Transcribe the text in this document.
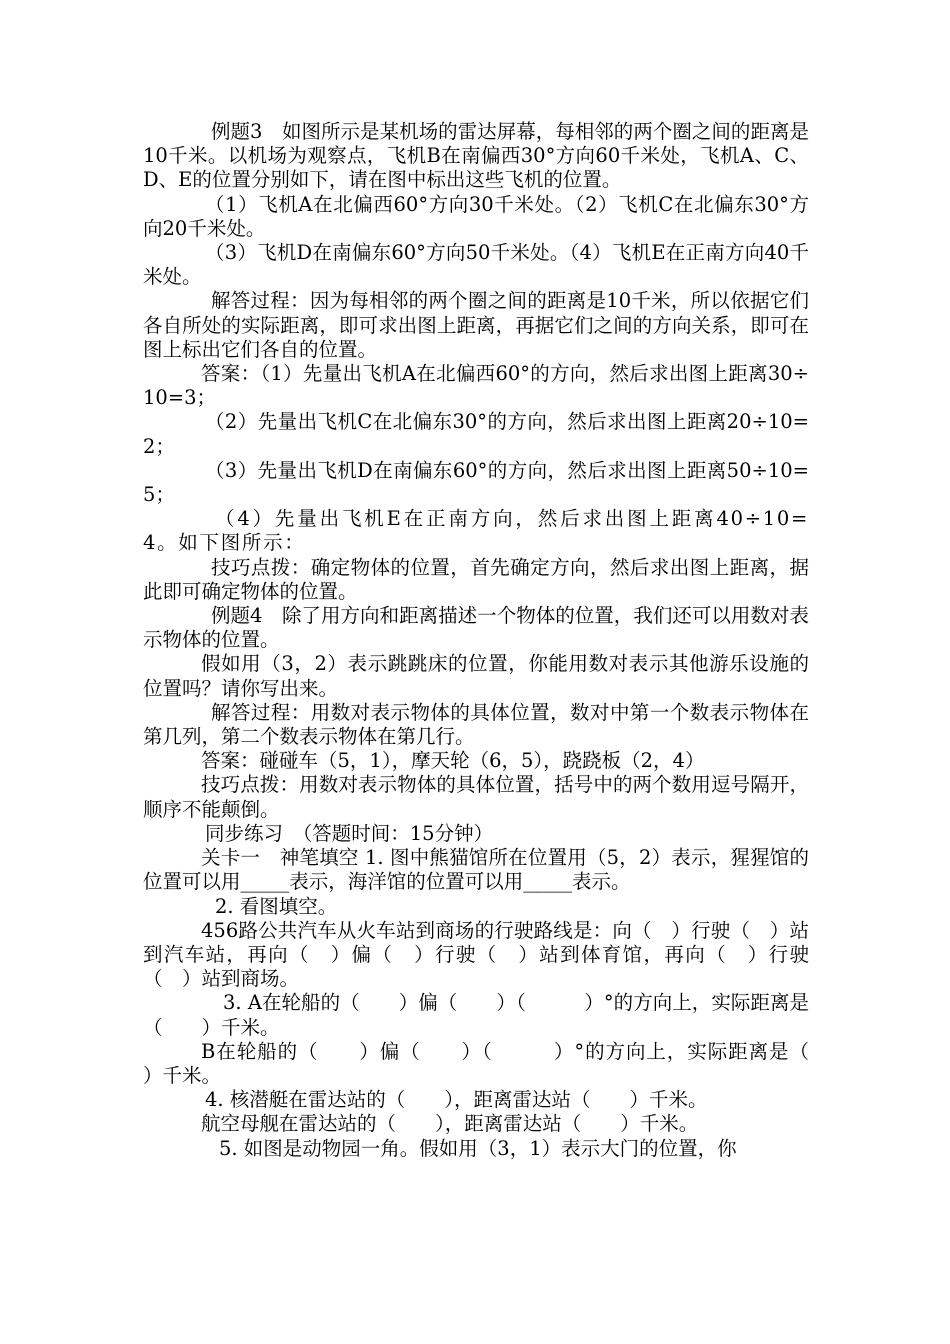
例题3　如图所示是某机场的雷达屏幕，每相邻的两个圈之间的距离是10千米。以机场为观察点，飞机B在南偏西30°方向60千米处，飞机A、C、D、E的位置分别如下，请在图中标出这些飞机的位置。

（1）飞机A在北偏西60°方向30千米处。（2）飞机C在北偏东30°方向20千米处。

（3）飞机D在南偏东60°方向50千米处。（4）飞机E在正南方向40千米处。

解答过程：因为每相邻的两个圈之间的距离是10千米，所以依据它们各自所处的实际距离，即可求出图上距离，再据它们之间的方向关系，即可在图上标出它们各自的位置。

答案：（1）先量出飞机A在北偏西60°的方向，然后求出图上距离30÷10=3；

（2）先量出飞机C在北偏东30°的方向，然后求出图上距离20÷10=2；

（3）先量出飞机D在南偏东60°的方向，然后求出图上距离50÷10=5；

（4）先量出飞机E在正南方向，然后求出图上距离40÷10=4。如下图所示：

技巧点拨：确定物体的位置，首先确定方向，然后求出图上距离，据此即可确定物体的位置。

例题4　除了用方向和距离描述一个物体的位置，我们还可以用数对表示物体的位置。

假如用（3，2）表示跳跳床的位置，你能用数对表示其他游乐设施的位置吗？请你写出来。

解答过程：用数对表示物体的具体位置，数对中第一个数表示物体在第几列，第二个数表示物体在第几行。

答案：碰碰车（5，1），摩天轮（6，5），跷跷板（2，4）

技巧点拨：用数对表示物体的具体位置，括号中的两个数用逗号隔开，顺序不能颠倒。

同步练习　（答题时间：15分钟）

关卡一　神笔填空 1. 图中熊猫馆所在位置用（5，2）表示，猩猩馆的位置可以用_____表示，海洋馆的位置可以用_____表示。

2. 看图填空。

456路公共汽车从火车站到商场的行驶路线是：向（　）行驶（　）站到汽车站，再向（　）偏（　）行驶（　）站到体育馆，再向（　）行驶（　）站到商场。

3. A在轮船的（　　）偏（　　）（　　　）°的方向上，实际距离是（　　）千米。

B在轮船的（　　）偏（　　）（　　　）°的方向上，实际距离是（　　）千米。

4. 核潜艇在雷达站的（　　），距离雷达站（　　）千米。

航空母舰在雷达站的（　　），距离雷达站（　　）千米。

5. 如图是动物园一角。假如用（3，1）表示大门的位置，你
